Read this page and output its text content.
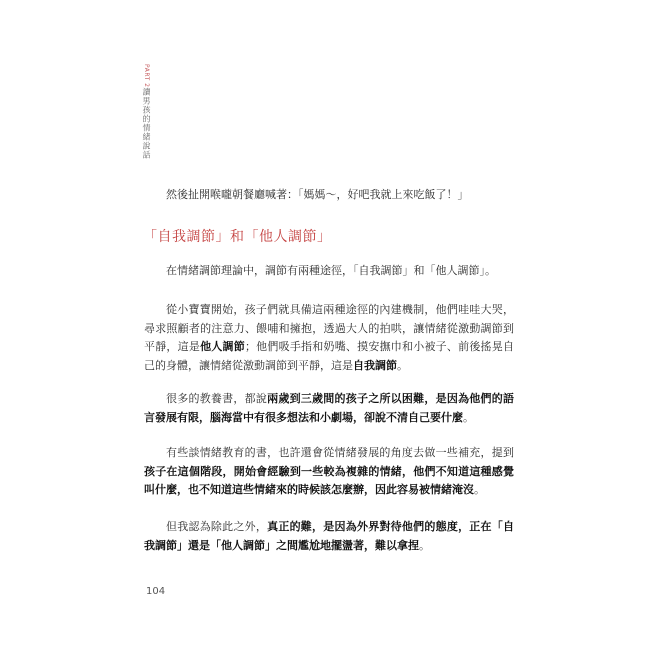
PART 2讀男孩的情緒說話

然後扯開喉嚨朝餐廳喊著：「媽媽～，好吧我就上來吃飯了！」

「自我調節」和「他人調節」

在情緒調節理論中，調節有兩種途徑，「自我調節」和「他人調節」。

從小寶寶開始，孩子們就具備這兩種途徑的內建機制，他們哇哇大哭，尋求照顧者的注意力、餵哺和擁抱，透過大人的拍哄，讓情緒從激動調節到平靜，這是他人調節；他們吸手指和奶嘴、摸安撫巾和小被子、前後搖晃自己的身體，讓情緒從激動調節到平靜，這是自我調節。

很多的教養書，都說兩歲到三歲間的孩子之所以困難，是因為他們的語言發展有限，腦海當中有很多想法和小劇場，卻說不清自己要什麼。

有些談情緒教育的書，也許還會從情緒發展的角度去做一些補充，提到孩子在這個階段，開始會經驗到一些較為複雜的情緒，他們不知道這種感覺叫什麼，也不知道這些情緒來的時候該怎麼辦，因此容易被情緒淹沒。

但我認為除此之外，真正的難，是因為外界對待他們的態度，正在「自我調節」還是「他人調節」之間尷尬地擺盪著，難以拿捏。

104
